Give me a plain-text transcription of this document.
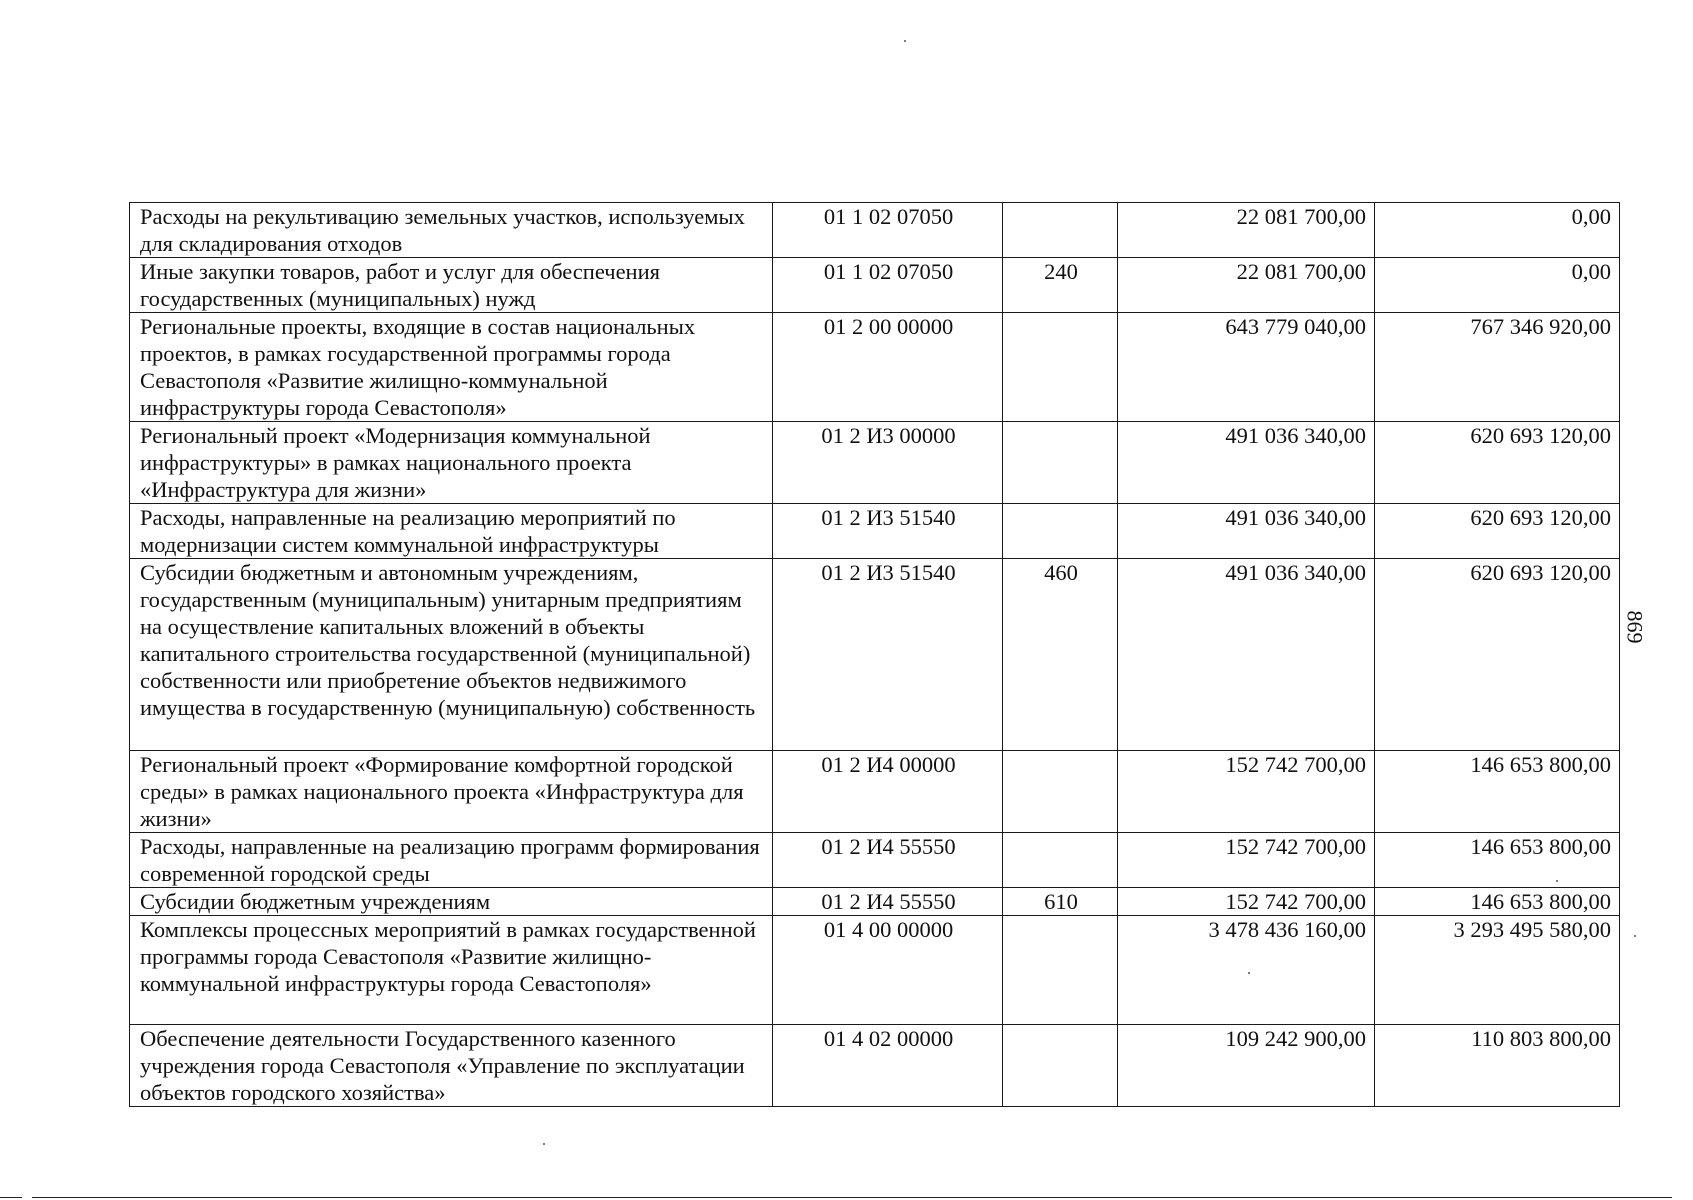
Расходы на рекультивацию земельных участков, используемых для складирования отходов	01 1 02 07050		22 081 700,00	0,00
Иные закупки товаров, работ и услуг для обеспечения государственных (муниципальных) нужд	01 1 02 07050	240	22 081 700,00	0,00
Региональные проекты, входящие в состав национальных проектов, в рамках государственной программы города Севастополя «Развитие жилищно-коммунальной инфраструктуры города Севастополя»	01 2 00 00000		643 779 040,00	767 346 920,00
Региональный проект «Модернизация коммунальной инфраструктуры» в рамках национального проекта «Инфраструктура для жизни»	01 2 И3 00000		491 036 340,00	620 693 120,00
Расходы, направленные на реализацию мероприятий по модернизации систем коммунальной инфраструктуры	01 2 И3 51540		491 036 340,00	620 693 120,00
Субсидии бюджетным и автономным учреждениям, государственным (муниципальным) унитарным предприятиям на осуществление капитальных вложений в объекты капитального строительства государственной (муниципальной) собственности или приобретение объектов недвижимого имущества в государственную (муниципальную) собственность	01 2 И3 51540	460	491 036 340,00	620 693 120,00
Региональный проект «Формирование комфортной городской среды» в рамках национального проекта «Инфраструктура для жизни»	01 2 И4 00000		152 742 700,00	146 653 800,00
Расходы, направленные на реализацию программ формирования современной городской среды	01 2 И4 55550		152 742 700,00	146 653 800,00
Субсидии бюджетным учреждениям	01 2 И4 55550	610	152 742 700,00	146 653 800,00
Комплексы процессных мероприятий в рамках государственной программы города Севастополя «Развитие жилищно-коммунальной инфраструктуры города Севастополя»	01 4 00 00000		3 478 436 160,00	3 293 495 580,00
Обеспечение деятельности Государственного казенного учреждения города Севастополя «Управление по эксплуатации объектов городского хозяйства»	01 4 02 00000		109 242 900,00	110 803 800,00
869
